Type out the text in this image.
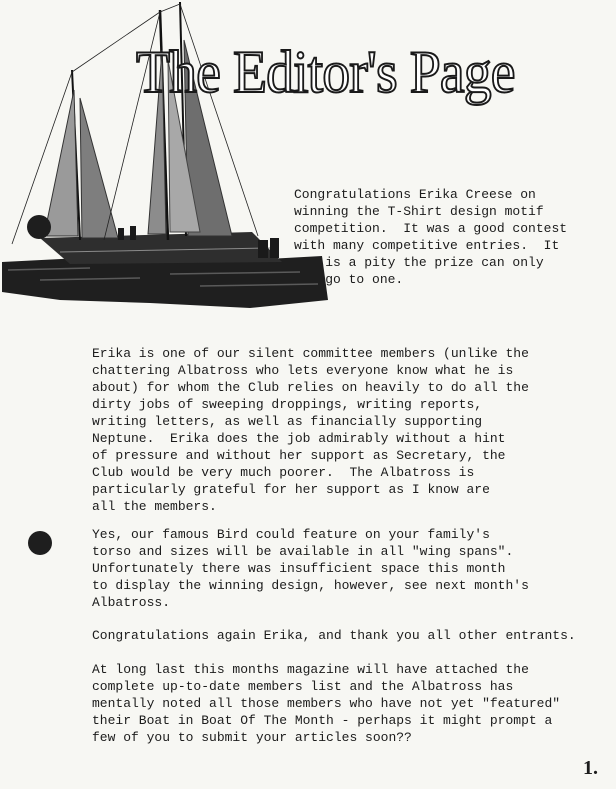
The Editor's Page

Congratulations Erika Creese on
winning the T-Shirt design motif
competition.  It was a good contest
with many competitive entries.  It
is a pity the prize can only
go to one.

Erika is one of our silent committee members (unlike the
chattering Albatross who lets everyone know what he is
about) for whom the Club relies on heavily to do all the
dirty jobs of sweeping droppings, writing reports,
writing letters, as well as financially supporting
Neptune.  Erika does the job admirably without a hint
of pressure and without her support as Secretary, the
Club would be very much poorer.  The Albatross is
particularly grateful for her support as I know are
all the members.

Yes, our famous Bird could feature on your family's
torso and sizes will be available in all "wing spans".
Unfortunately there was insufficient space this month
to display the winning design, however, see next month's
Albatross.

Congratulations again Erika, and thank you all other entrants.

At long last this months magazine will have attached the
complete up-to-date members list and the Albatross has
mentally noted all those members who have not yet "featured"
their Boat in Boat Of The Month - perhaps it might prompt a
few of you to submit your articles soon??

1.
